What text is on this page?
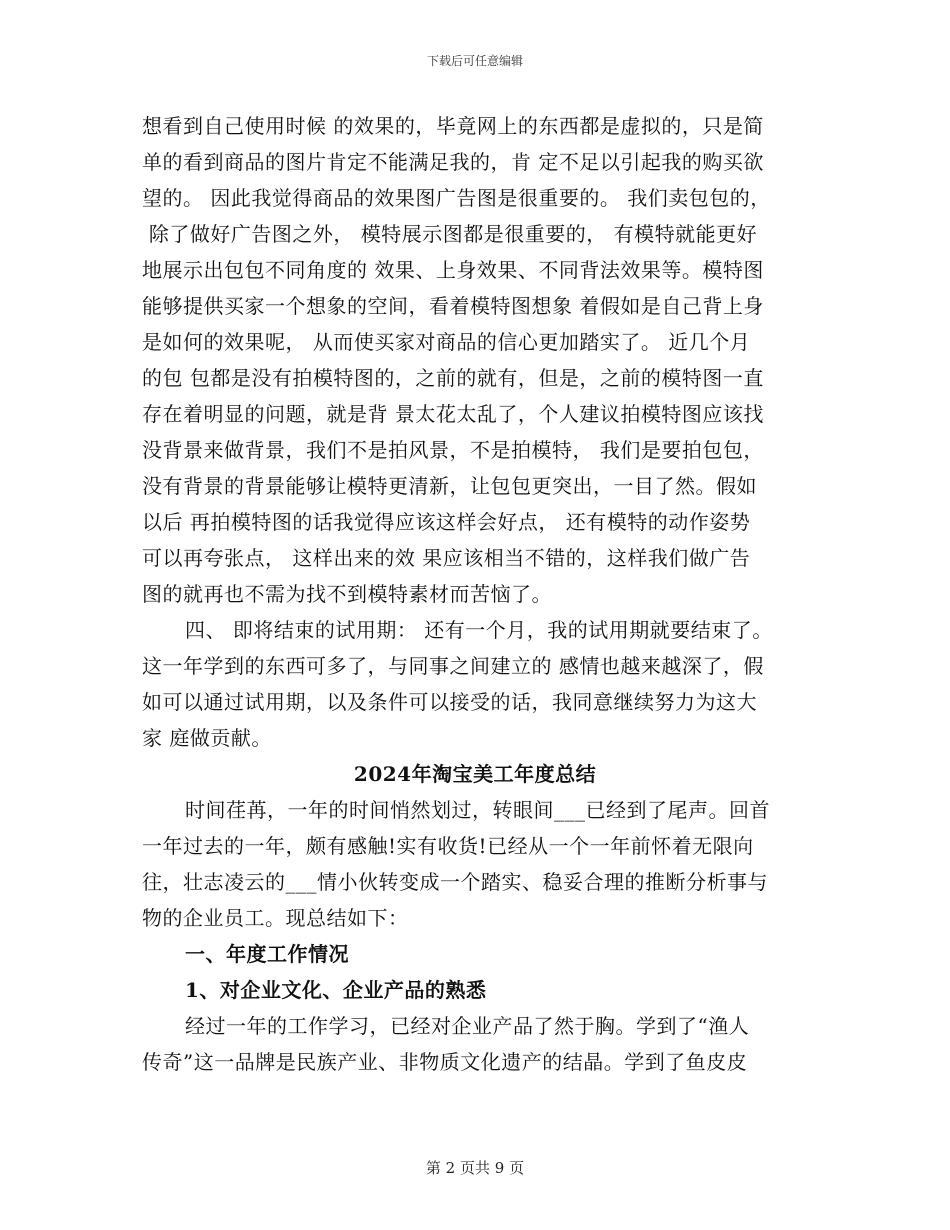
下载后可任意编辑
想看到自己使用时候 的效果的，毕竟网上的东西都是虚拟的，只是简
单的看到商品的图片肯定不能满足我的，肯 定不足以引起我的购买欲
望的。 因此我觉得商品的效果图广告图是很重要的。 我们卖包包的，
除了做好广告图之外， 模特展示图都是很重要的， 有模特就能更好
地展示出包包不同角度的 效果、上身效果、不同背法效果等。模特图
能够提供买家一个想象的空间，看着模特图想象 着假如是自己背上身
是如何的效果呢， 从而使买家对商品的信心更加踏实了。 近几个月
的包 包都是没有拍模特图的，之前的就有，但是，之前的模特图一直
存在着明显的问题，就是背 景太花太乱了，个人建议拍模特图应该找
没背景来做背景，我们不是拍风景，不是拍模特， 我们是要拍包包，
没有背景的背景能够让模特更清新，让包包更突出，一目了然。假如
以后 再拍模特图的话我觉得应该这样会好点， 还有模特的动作姿势
可以再夸张点， 这样出来的效 果应该相当不错的，这样我们做广告
图的就再也不需为找不到模特素材而苦恼了。
四、 即将结束的试用期： 还有一个月，我的试用期就要结束了。
这一年学到的东西可多了，与同事之间建立的 感情也越来越深了，假
如可以通过试用期，以及条件可以接受的话，我同意继续努力为这大
家 庭做贡献。
2024年淘宝美工年度总结
时间荏苒，一年的时间悄然划过，转眼间___已经到了尾声。回首
一年过去的一年，颇有感触!实有收货!已经从一个一年前怀着无限向
往，壮志凌云的___情小伙转变成一个踏实、稳妥合理的推断分析事与
物的企业员工。现总结如下：
一、年度工作情况
1、对企业文化、企业产品的熟悉
经过一年的工作学习，已经对企业产品了然于胸。学到了“渔人
传奇”这一品牌是民族产业、非物质文化遗产的结晶。学到了鱼皮皮
第 2 页共 9 页
